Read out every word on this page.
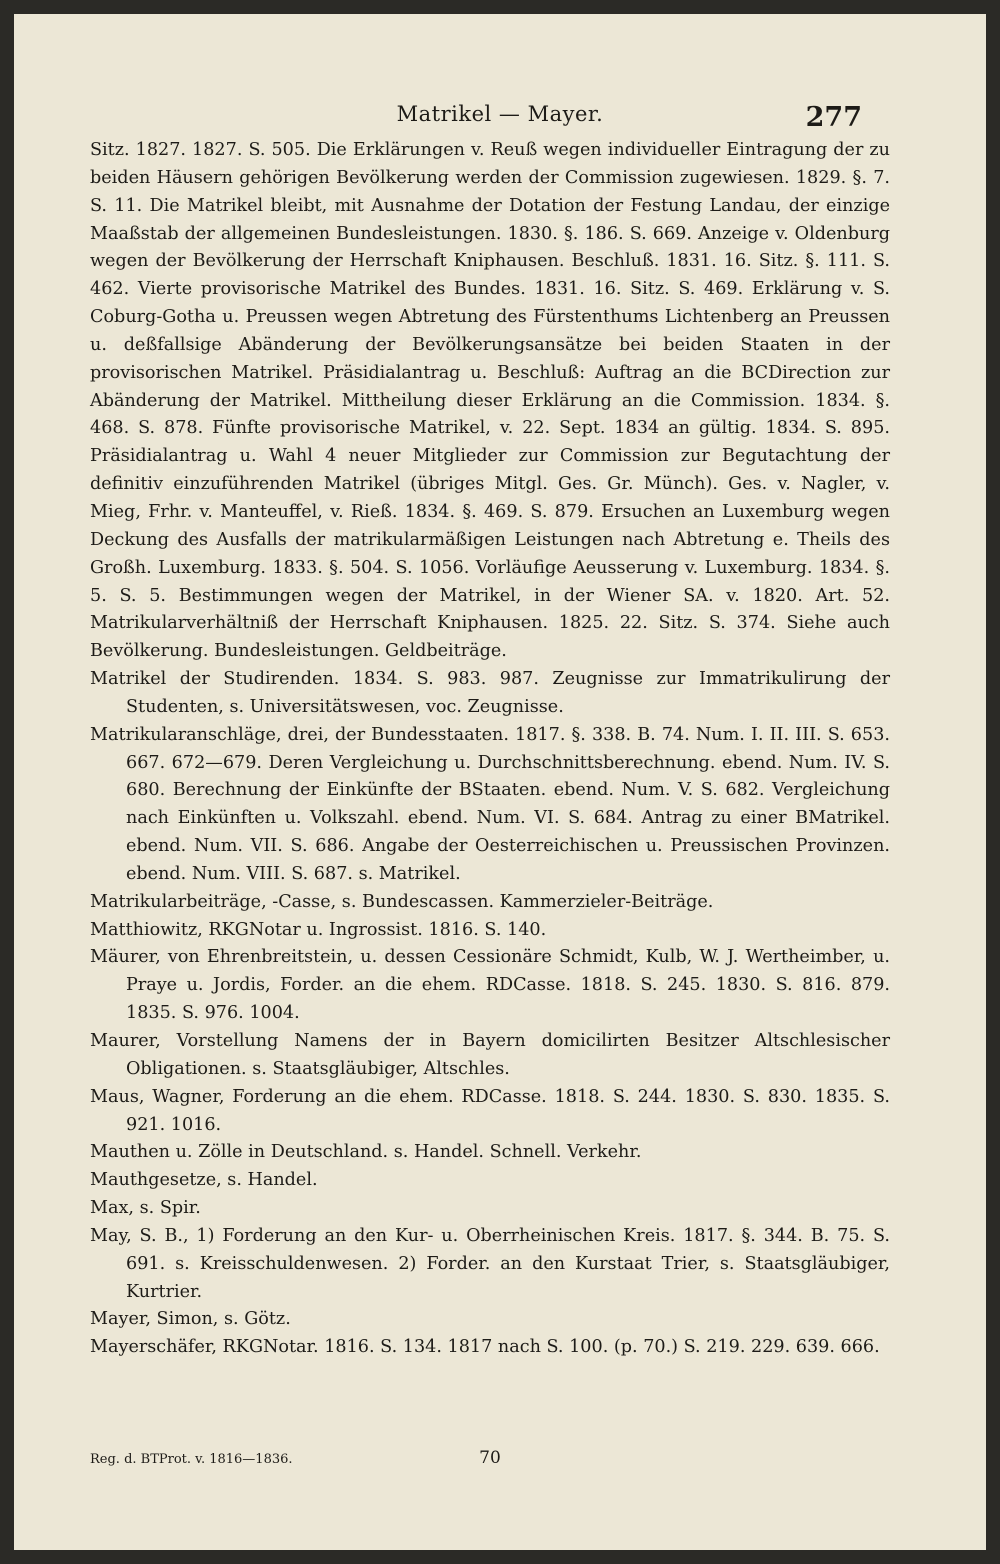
Matrikel — Mayer.	277

Sitz. 1827. 1827. S. 505. Die Erklärungen v. Reuß wegen individueller Eintragung der zu beiden Häusern gehörigen Bevölkerung werden der Commission zugewiesen. 1829. §. 7. S. 11. Die Matrikel bleibt, mit Ausnahme der Dotation der Festung Landau, der einzige Maaßstab der allgemeinen Bundesleistungen. 1830. §. 186. S. 669. Anzeige v. Oldenburg wegen der Bevölkerung der Herrschaft Kniphausen. Beschluß. 1831. 16. Sitz. §. 111. S. 462. Vierte provisorische Matrikel des Bundes. 1831. 16. Sitz. S. 469. Erklärung v. S. Coburg-Gotha u. Preussen wegen Abtretung des Fürstenthums Lichtenberg an Preussen u. deßfallsige Abänderung der Bevölkerungsansätze bei beiden Staaten in der provisorischen Matrikel. Präsidialantrag u. Beschluß: Auftrag an die BCDirection zur Abänderung der Matrikel. Mittheilung dieser Erklärung an die Commission. 1834. §. 468. S. 878. Fünfte provisorische Matrikel, v. 22. Sept. 1834 an gültig. 1834. S. 895. Präsidialantrag u. Wahl 4 neuer Mitglieder zur Commission zur Begutachtung der definitiv einzuführenden Matrikel (übriges Mitgl. Ges. Gr. Münch). Ges. v. Nagler, v. Mieg, Frhr. v. Manteuffel, v. Rieß. 1834. §. 469. S. 879. Ersuchen an Luxemburg wegen Deckung des Ausfalls der matrikularmäßigen Leistungen nach Abtretung e. Theils des Großh. Luxemburg. 1833. §. 504. S. 1056. Vorläufige Aeusserung v. Luxemburg. 1834. §. 5. S. 5. Bestimmungen wegen der Matrikel, in der Wiener SA. v. 1820. Art. 52. Matrikularverhältniß der Herrschaft Kniphausen. 1825. 22. Sitz. S. 374. Siehe auch Bevölkerung. Bundesleistungen. Geldbeiträge.

Matrikel der Studirenden. 1834. S. 983. 987. Zeugnisse zur Immatrikulirung der Studenten, s. Universitätswesen, voc. Zeugnisse.

Matrikularanschläge, drei, der Bundesstaaten. 1817. §. 338. B. 74. Num. I. II. III. S. 653. 667. 672—679. Deren Vergleichung u. Durchschnittsberechnung. ebend. Num. IV. S. 680. Berechnung der Einkünfte der BStaaten. ebend. Num. V. S. 682. Vergleichung nach Einkünften u. Volkszahl. ebend. Num. VI. S. 684. Antrag zu einer BMatrikel. ebend. Num. VII. S. 686. Angabe der Oesterreichischen u. Preussischen Provinzen. ebend. Num. VIII. S. 687. s. Matrikel.

Matrikularbeiträge, -Casse, s. Bundescassen. Kammerzieler-Beiträge.

Matthiowitz, RKGNotar u. Ingrossist. 1816. S. 140.

Mäurer, von Ehrenbreitstein, u. dessen Cessionäre Schmidt, Kulb, W. J. Wertheimber, u. Praye u. Jordis, Forder. an die ehem. RDCasse. 1818. S. 245. 1830. S. 816. 879. 1835. S. 976. 1004.

Maurer, Vorstellung Namens der in Bayern domicilirten Besitzer Altschlesischer Obligationen. s. Staatsgläubiger, Altschles.

Maus, Wagner, Forderung an die ehem. RDCasse. 1818. S. 244. 1830. S. 830. 1835. S. 921. 1016.

Mauthen u. Zölle in Deutschland. s. Handel. Schnell. Verkehr.

Mauthgesetze, s. Handel.

Max, s. Spir.

May, S. B., 1) Forderung an den Kur- u. Oberrheinischen Kreis. 1817. §. 344. B. 75. S. 691. s. Kreisschuldenwesen. 2) Forder. an den Kurstaat Trier, s. Staatsgläubiger, Kurtrier.

Mayer, Simon, s. Götz.

Mayerschäfer, RKGNotar. 1816. S. 134. 1817 nach S. 100. (p. 70.) S. 219. 229. 639. 666.

Reg. d. BTProt. v. 1816—1836.	70
